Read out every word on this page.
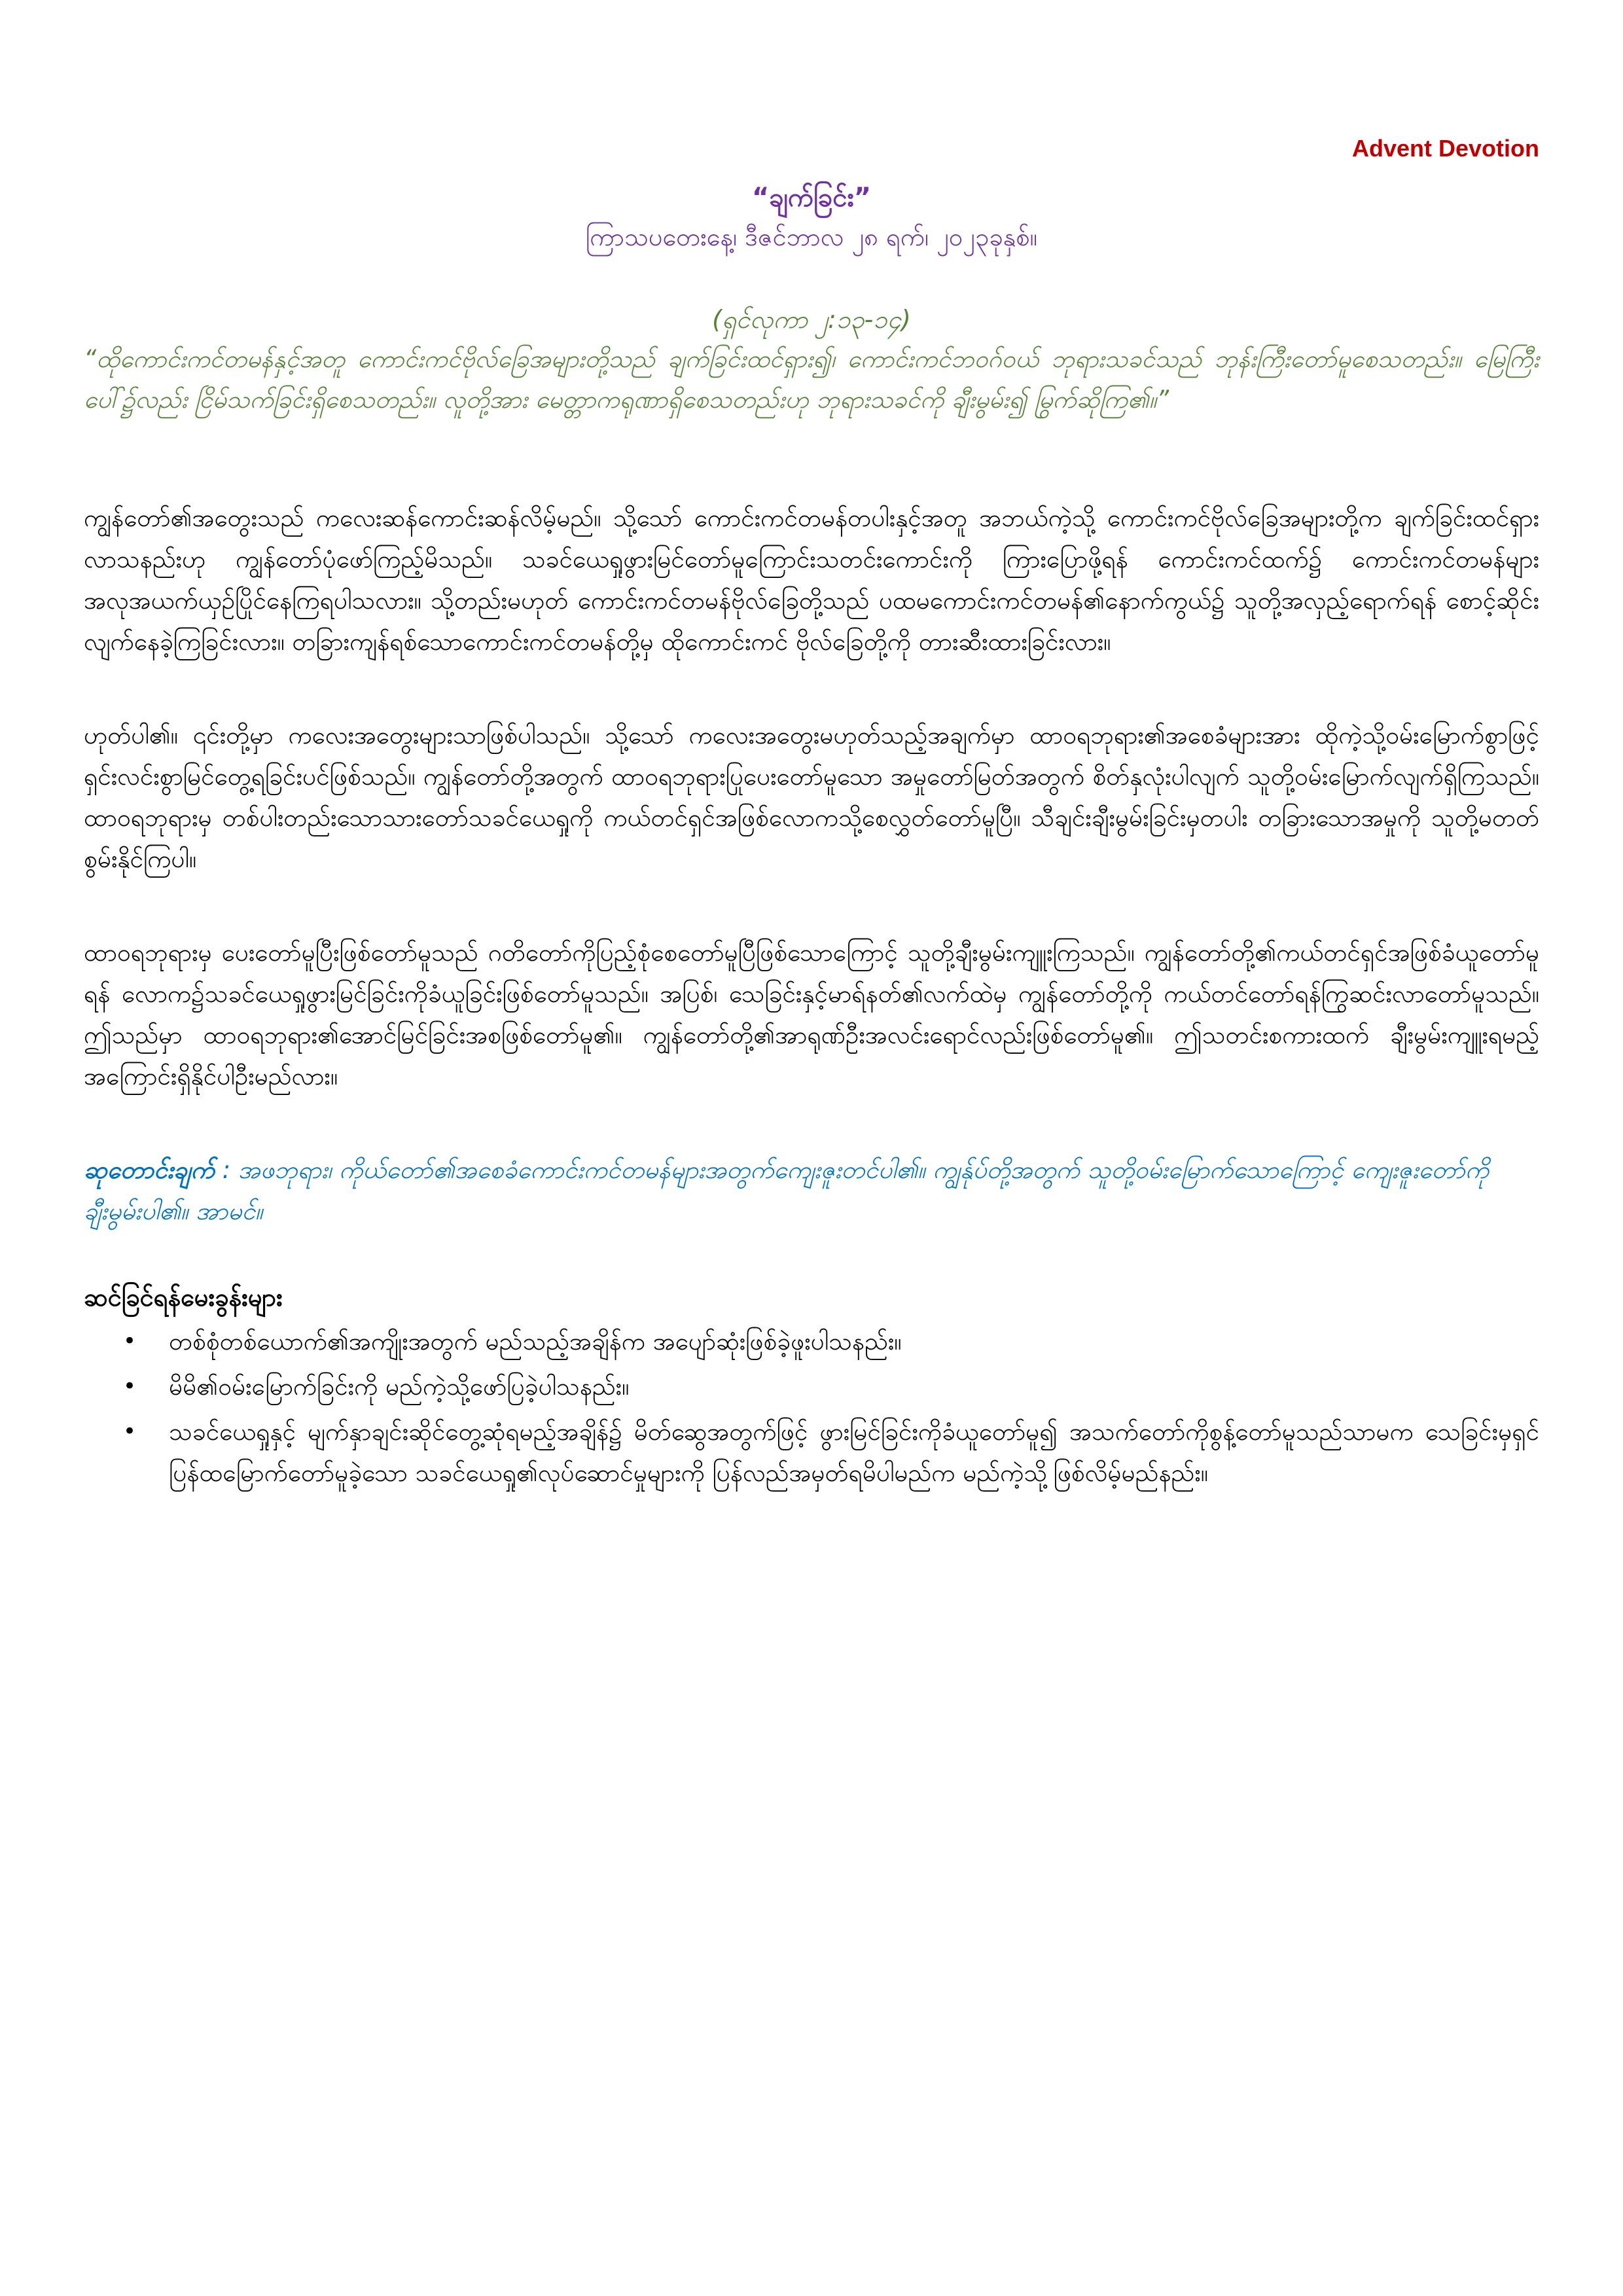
Advent Devotion
“ချက်ခြင်း”
ကြာသပတေးနေ့၊ ဒီဇင်ဘာလ ၂၈ ရက်၊ ၂၀၂၃ခုနှစ်။
(ရှင်လုကာ ၂:၁၃-၁၄)
“ထိုကောင်းကင်တမန်နှင့်အတူ ကောင်းကင်ဗိုလ်ခြေအများတို့သည် ချက်ခြင်းထင်ရှား၍၊ ကောင်းကင်ဘဝဂ်ဝယ် ဘုရားသခင်သည် ဘုန်းကြီးတော်မူစေသတည်း။ မြေကြီးပေါ်၌လည်း ငြိမ်သက်ခြင်းရှိစေသတည်း။ လူတို့အား မေတ္တာကရုဏာရှိစေသတည်းဟု ဘုရားသခင်ကို ချီးမွမ်း၍ မြွက်ဆိုကြ၏။”

ကျွန်တော်၏အတွေးသည် ကလေးဆန်ကောင်းဆန်လိမ့်မည်။ သို့သော် ကောင်းကင်တမန်တပါးနှင့်အတူ အဘယ်ကဲ့သို့ ကောင်းကင်ဗိုလ်ခြေအများတို့က ချက်ခြင်းထင်ရှားလာသနည်းဟု ကျွန်တော်ပုံဖော်ကြည့်မိသည်။ သခင်ယေရှုဖွားမြင်တော်မူကြောင်းသတင်းကောင်းကို ကြားပြောဖို့ရန် ကောင်းကင်ထက်၌ ကောင်းကင်တမန်များအလုအယက်ယှဉ်ပြိုင်နေကြရပါသလား။ သို့တည်းမဟုတ် ကောင်းကင်တမန်ဗိုလ်ခြေတို့သည် ပထမကောင်းကင်တမန်၏နောက်ကွယ်၌ သူတို့အလှည့်ရောက်ရန် စောင့်ဆိုင်းလျက်နေခဲ့ကြခြင်းလား။ တခြားကျန်ရစ်သောကောင်းကင်တမန်တို့မှ ထိုကောင်းကင် ဗိုလ်ခြေတို့ကို တားဆီးထားခြင်းလား။

ဟုတ်ပါ၏။ ၎င်းတို့မှာ ကလေးအတွေးများသာဖြစ်ပါသည်။ သို့သော် ကလေးအတွေးမဟုတ်သည့်အချက်မှာ ထာဝရဘုရား၏အစေခံများအား ထိုကဲ့သို့ဝမ်းမြောက်စွာဖြင့် ရှင်းလင်းစွာမြင်တွေ့ရခြင်းပင်ဖြစ်သည်။ ကျွန်တော်တို့အတွက် ထာဝရဘုရားပြုပေးတော်မူသော အမှုတော်မြတ်အတွက် စိတ်နှလုံးပါလျက် သူတို့ဝမ်းမြောက်လျက်ရှိကြသည်။ ထာဝရဘုရားမှ တစ်ပါးတည်းသောသားတော်သခင်ယေရှုကို ကယ်တင်ရှင်အဖြစ်လောကသို့စေလွှတ်တော်မူပြီ။ သီချင်းချီးမွမ်းခြင်းမှတပါး တခြားသောအမှုကို သူတို့မတတ်စွမ်းနိုင်ကြပါ။

ထာဝရဘုရားမှ ပေးတော်မူပြီးဖြစ်တော်မူသည် ဂတိတော်ကိုပြည့်စုံစေတော်မူပြီဖြစ်သောကြောင့် သူတို့ချီးမွမ်းကျူးကြသည်။ ကျွန်တော်တို့၏ကယ်တင်ရှင်အဖြစ်ခံယူတော်မူရန် လောက၌သခင်ယေရှုဖွားမြင်ခြင်းကိုခံယူခြင်းဖြစ်တော်မူသည်။ အပြစ်၊ သေခြင်းနှင့်မာရ်နတ်၏လက်ထဲမှ ကျွန်တော်တို့ကို ကယ်တင်တော်ရန်ကြွဆင်းလာတော်မူသည်။ ဤသည်မှာ ထာဝရဘုရား၏အောင်မြင်ခြင်းအစဖြစ်တော်မူ၏။ ကျွန်တော်တို့၏အာရုဏ်ဦးအလင်းရောင်လည်းဖြစ်တော်မူ၏။ ဤသတင်းစကားထက် ချီးမွမ်းကျူးရမည့်အကြောင်းရှိနိုင်ပါဦးမည်လား။

ဆုတောင်းချက် : အဖဘုရား၊ ကိုယ်တော်၏အစေခံကောင်းကင်တမန်များအတွက်ကျေးဇူးတင်ပါ၏။ ကျွန်ုပ်တို့အတွက် သူတို့ဝမ်းမြောက်သောကြောင့် ကျေးဇူးတော်ကိုချီးမွမ်းပါ၏။ အာမင်။

ဆင်ခြင်ရန်မေးခွန်းများ
• တစ်စုံတစ်ယောက်၏အကျိုးအတွက် မည်သည့်အချိန်က အပျော်ဆုံးဖြစ်ခဲ့ဖူးပါသနည်း။
• မိမိ၏ဝမ်းမြောက်ခြင်းကို မည်ကဲ့သို့ဖော်ပြခဲ့ပါသနည်း။
• သခင်ယေရှုနှင့် မျက်နှာချင်းဆိုင်တွေ့ဆုံရမည့်အချိန်၌ မိတ်ဆွေအတွက်ဖြင့် ဖွားမြင်ခြင်းကိုခံယူတော်မူ၍ အသက်တော်ကိုစွန့်တော်မူသည်သာမက သေခြင်းမှရှင်ပြန်ထမြောက်တော်မူခဲ့သော သခင်ယေရှု၏လုပ်ဆောင်မှုများကို ပြန်လည်အမှတ်ရမိပါမည်က မည်ကဲ့သို့ဖြစ်လိမ့်မည်နည်း။
